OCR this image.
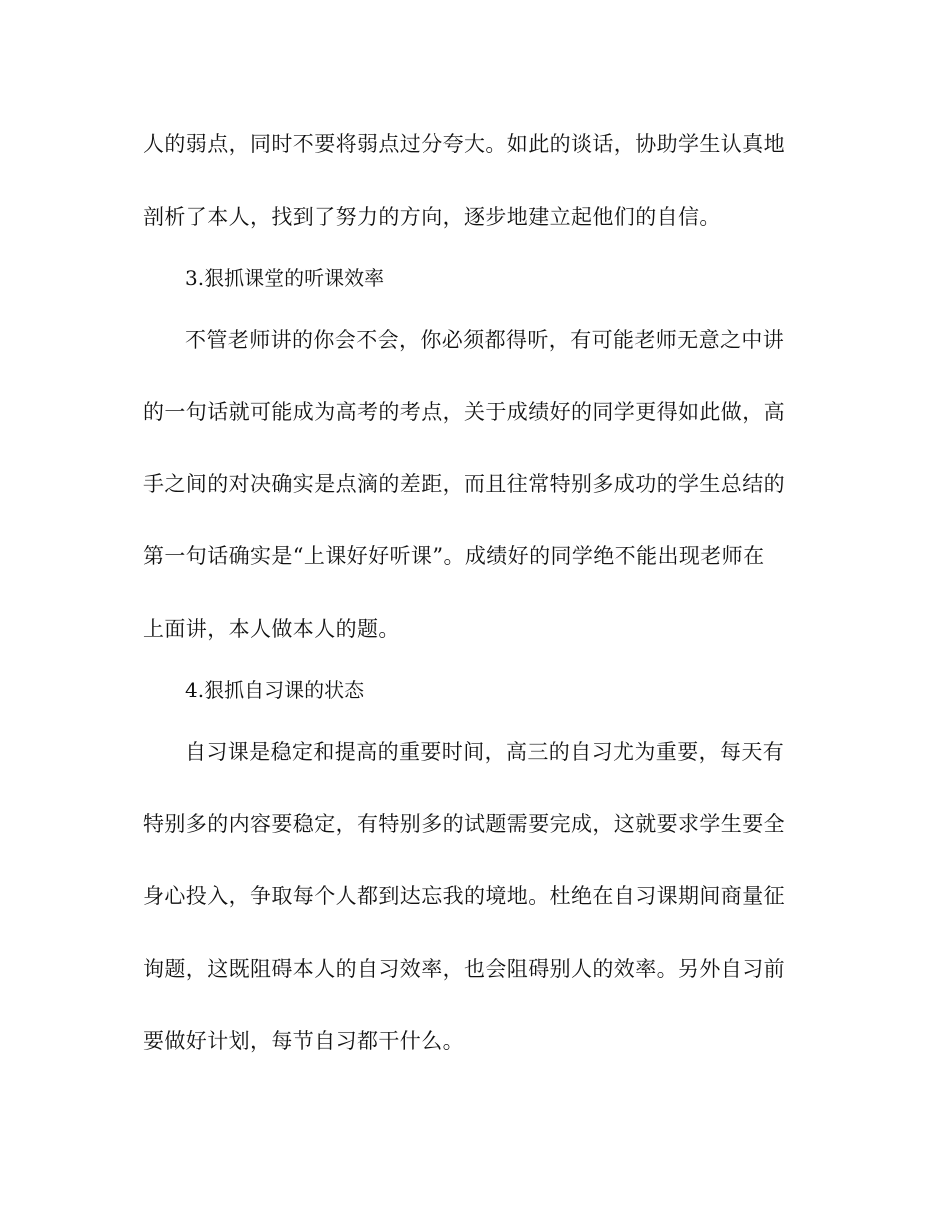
人的弱点，同时不要将弱点过分夸大。如此的谈话，协助学生认真地
剖析了本人，找到了努力的方向，逐步地建立起他们的自信。
3.狠抓课堂的听课效率
不管老师讲的你会不会，你必须都得听，有可能老师无意之中讲
的一句话就可能成为高考的考点，关于成绩好的同学更得如此做，高
手之间的对决确实是点滴的差距，而且往常特别多成功的学生总结的
第一句话确实是“上课好好听课”。成绩好的同学绝不能出现老师在
上面讲，本人做本人的题。
4.狠抓自习课的状态
自习课是稳定和提高的重要时间，高三的自习尤为重要，每天有
特别多的内容要稳定，有特别多的试题需要完成，这就要求学生要全
身心投入，争取每个人都到达忘我的境地。杜绝在自习课期间商量征
询题，这既阻碍本人的自习效率，也会阻碍别人的效率。另外自习前
要做好计划，每节自习都干什么。
